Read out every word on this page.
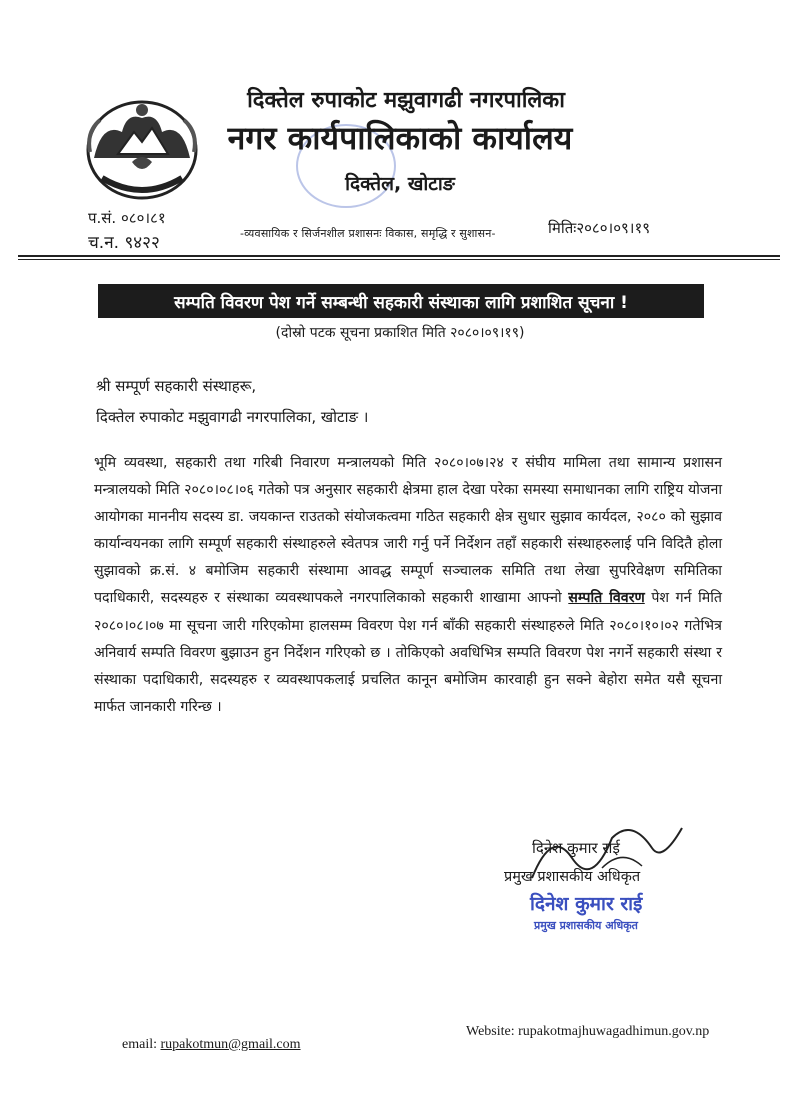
दिक्तेल रुपाकोट मझुवागढी नगरपालिका
नगर कार्यपालिकाको कार्यालय
दिक्तेल, खोटाङ
प.सं. ०८०।८१
च.न. ९४२२	-व्यवसायिक र सिर्जनशील प्रशासनः विकास, समृद्धि र सुशासन-	मितिः२०८०।०९।१९
सम्पति विवरण पेश गर्ने सम्बन्धी सहकारी संस्थाका लागि प्रशाशित सूचना !
(दोस्रो पटक सूचना प्रकाशित मिति २०८०।०९।१९)
श्री सम्पूर्ण सहकारी संस्थाहरू,
दिक्तेल रुपाकोट मझुवागढी नगरपालिका, खोटाङ ।
भूमि व्यवस्था, सहकारी तथा गरिबी निवारण मन्त्रालयको मिति २०८०।०७।२४ र संघीय मामिला तथा सामान्य प्रशासन मन्त्रालयको मिति २०८०।०८।०६ गतेको पत्र अनुसार सहकारी क्षेत्रमा हाल देखा परेका समस्या समाधानका लागि राष्ट्रिय योजना आयोगका माननीय सदस्य डा. जयकान्त राउतको संयोजकत्वमा गठित सहकारी क्षेत्र सुधार सुझाव कार्यदल, २०८० को सुझाव कार्यान्वयनका लागि सम्पूर्ण सहकारी संस्थाहरुले स्वेतपत्र जारी गर्नु पर्ने निर्देशन तहाँ सहकारी संस्थाहरुलाई पनि विदितै होला सुझावको क्र.सं. ४ बमोजिम सहकारी संस्थामा आवद्ध सम्पूर्ण सञ्चालक समिति तथा लेखा सुपरिवेक्षण समितिका पदाधिकारी, सदस्यहरु र संस्थाका व्यवस्थापकले नगरपालिकाको सहकारी शाखामा आफ्नो सम्पति विवरण पेश गर्न मिति २०८०।०८।०७ मा सूचना जारी गरिएकोमा हालसम्म विवरण पेश गर्न बाँकी सहकारी संस्थाहरुले मिति २०८०।१०।०२ गतेभित्र अनिवार्य सम्पति विवरण बुझाउन हुन निर्देशन गरिएको छ । तोकिएको अवधिभित्र सम्पति विवरण पेश नगर्ने सहकारी संस्था र संस्थाका पदाधिकारी, सदस्यहरु र व्यवस्थापकलाई प्रचलित कानून बमोजिम कारवाही हुन सक्ने बेहोरा समेत यसै सूचना मार्फत जानकारी गरिन्छ ।
दिनेश कुमार राई
प्रमुख प्रशासकीय अधिकृत
दिनेश कुमार राई
प्रमुख प्रशासकीय अधिकृत
email: rupakotmun@gmail.com
Website: rupakotmajhuwagadhimun.gov.np
